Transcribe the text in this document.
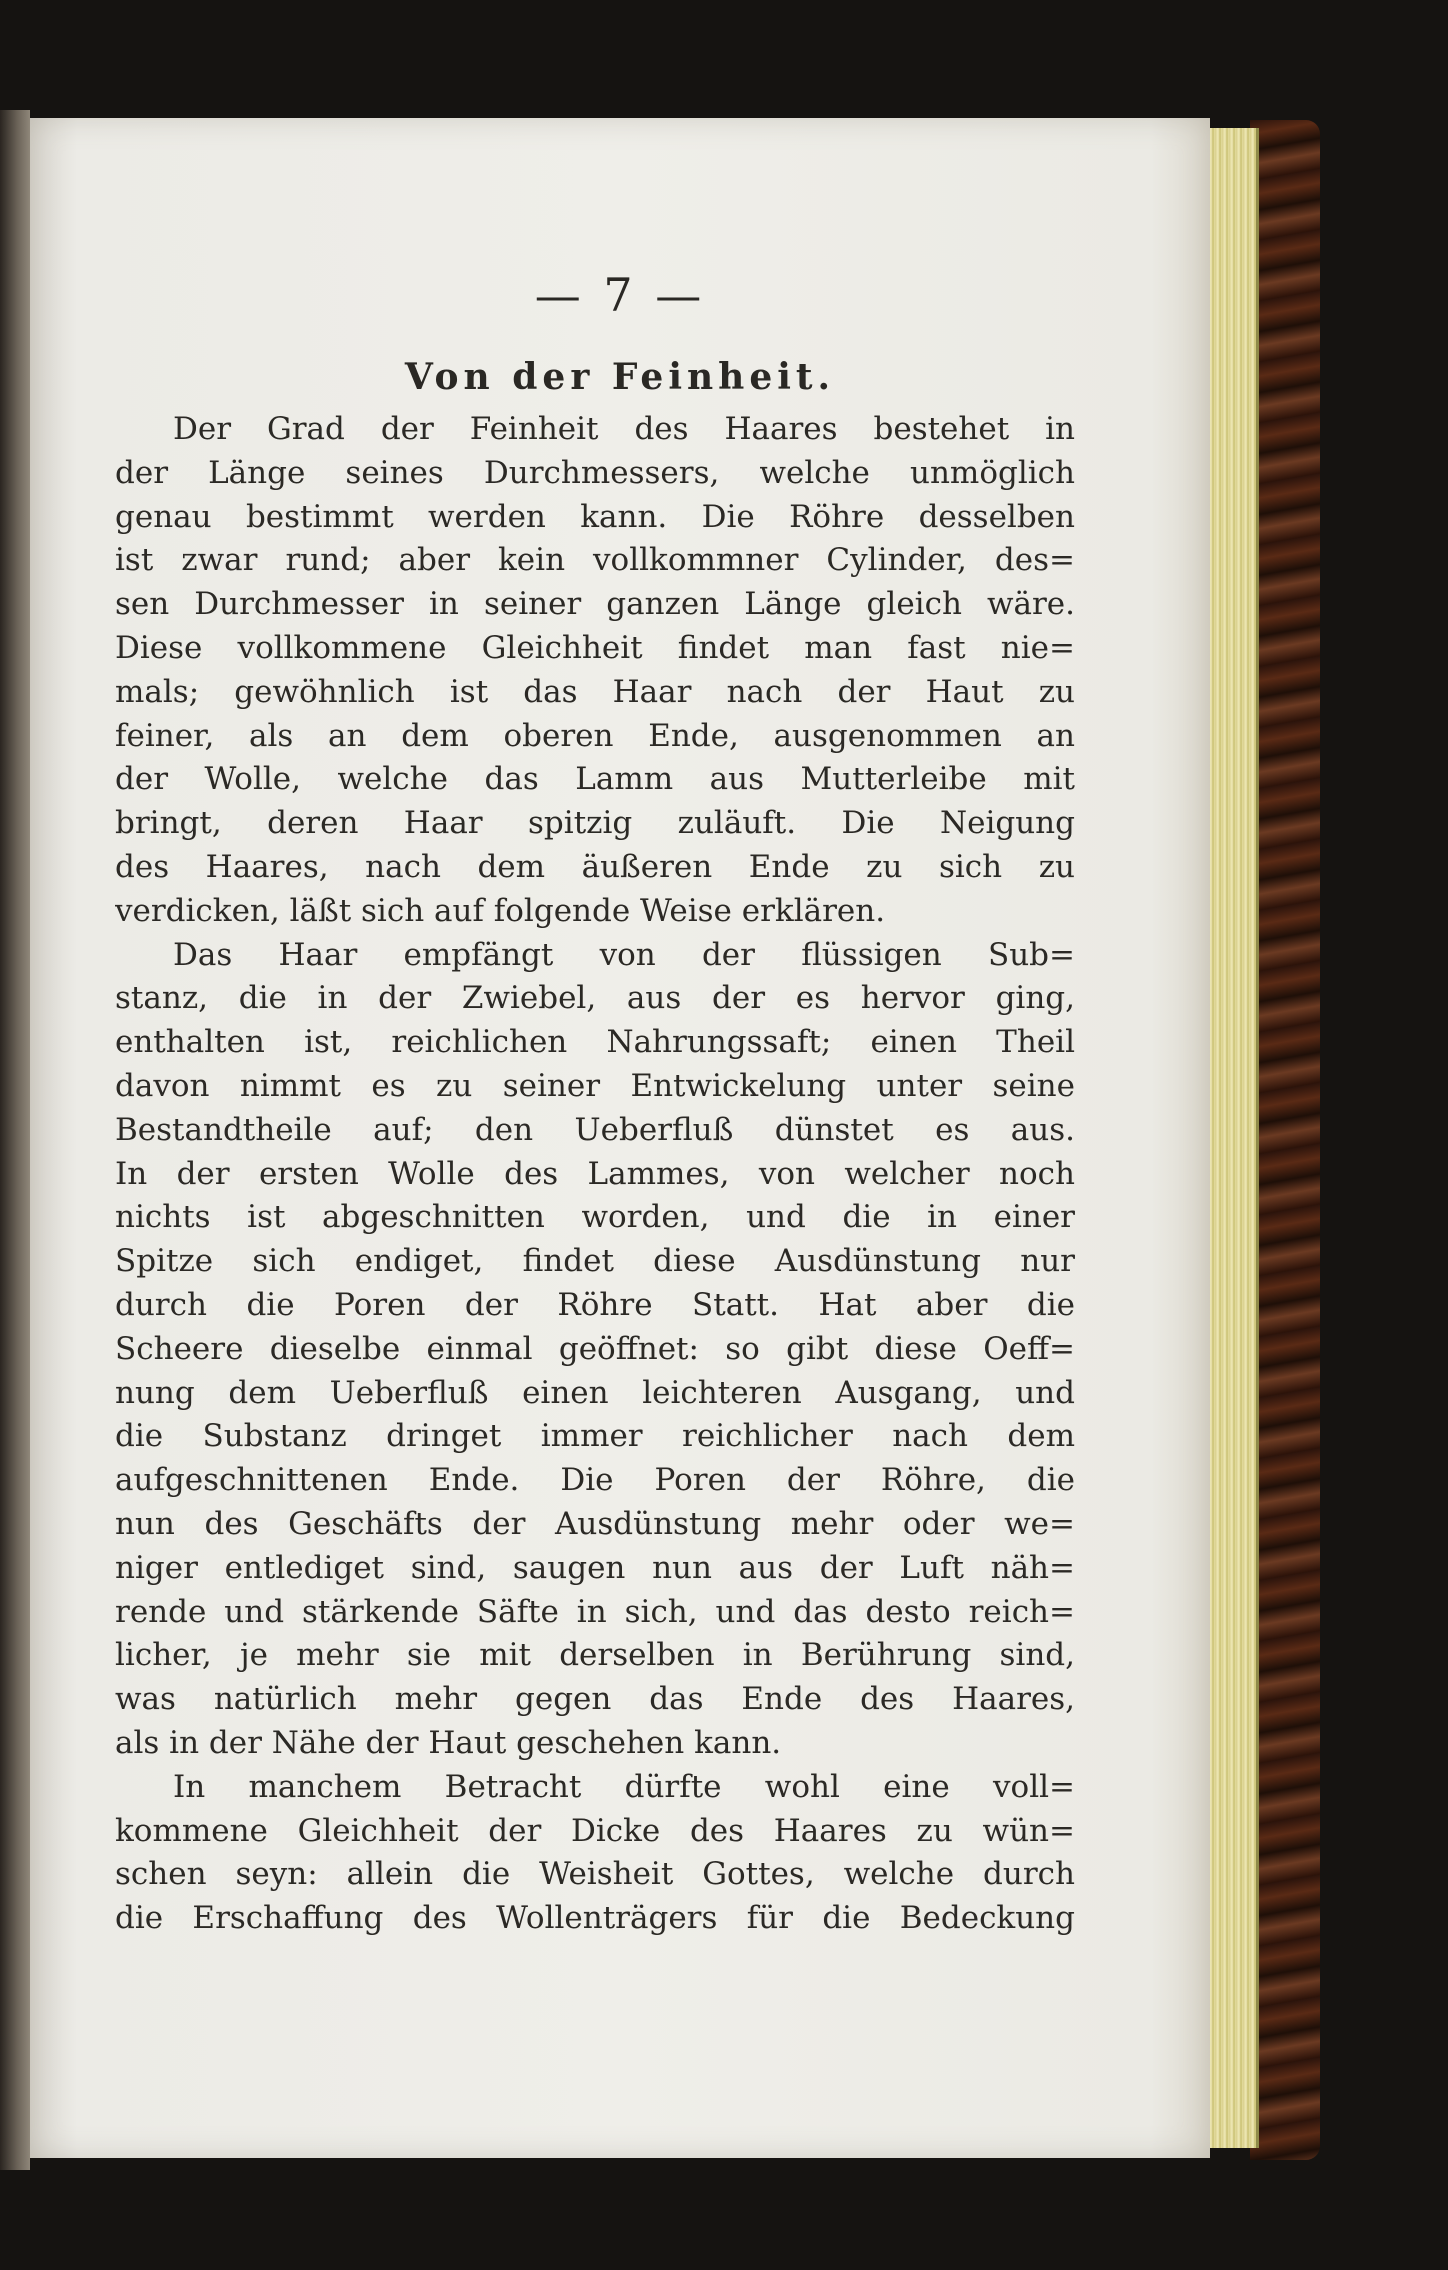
— 7 —
Von der Feinheit.
Der Grad der Feinheit des Haares bestehet in
der Länge seines Durchmessers, welche unmöglich
genau bestimmt werden kann. Die Röhre desselben
ist zwar rund; aber kein vollkommner Cylinder, des=
sen Durchmesser in seiner ganzen Länge gleich wäre.
Diese vollkommene Gleichheit findet man fast nie=
mals; gewöhnlich ist das Haar nach der Haut zu
feiner, als an dem oberen Ende, ausgenommen an
der Wolle, welche das Lamm aus Mutterleibe mit
bringt, deren Haar spitzig zuläuft. Die Neigung
des Haares, nach dem äußeren Ende zu sich zu
verdicken, läßt sich auf folgende Weise erklären.
Das Haar empfängt von der flüssigen Sub=
stanz, die in der Zwiebel, aus der es hervor ging,
enthalten ist, reichlichen Nahrungssaft; einen Theil
davon nimmt es zu seiner Entwickelung unter seine
Bestandtheile auf; den Ueberfluß dünstet es aus.
In der ersten Wolle des Lammes, von welcher noch
nichts ist abgeschnitten worden, und die in einer
Spitze sich endiget, findet diese Ausdünstung nur
durch die Poren der Röhre Statt. Hat aber die
Scheere dieselbe einmal geöffnet: so gibt diese Oeff=
nung dem Ueberfluß einen leichteren Ausgang, und
die Substanz dringet immer reichlicher nach dem
aufgeschnittenen Ende. Die Poren der Röhre, die
nun des Geschäfts der Ausdünstung mehr oder we=
niger entlediget sind, saugen nun aus der Luft näh=
rende und stärkende Säfte in sich, und das desto reich=
licher, je mehr sie mit derselben in Berührung sind,
was natürlich mehr gegen das Ende des Haares,
als in der Nähe der Haut geschehen kann.
In manchem Betracht dürfte wohl eine voll=
kommene Gleichheit der Dicke des Haares zu wün=
schen seyn: allein die Weisheit Gottes, welche durch
die Erschaffung des Wollenträgers für die Bedeckung
